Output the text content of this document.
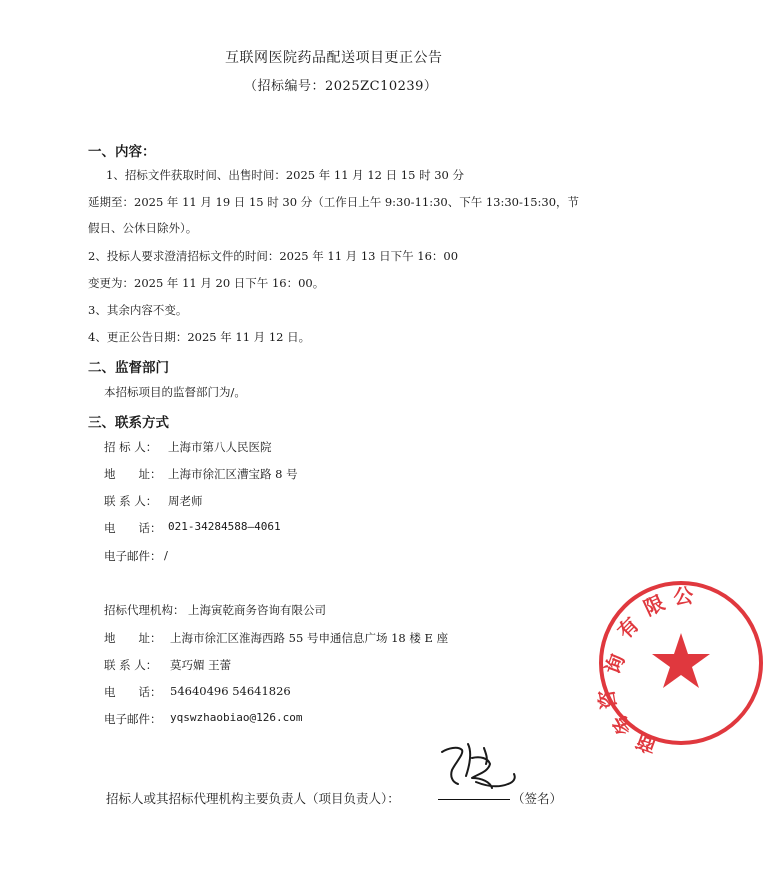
互联网医院药品配送项目更正公告
（招标编号：2025ZC10239）
一、内容：
1、招标文件获取时间、出售时间：2025 年 11 月 12 日 15 时 30 分
延期至：2025 年 11 月 19 日 15 时 30 分（工作日上午 9:30-11:30、下午 13:30-15:30，节
假日、公休日除外）。
2、投标人要求澄清招标文件的时间：2025 年 11 月 13 日下午 16：00
变更为：2025 年 11 月 20 日下午 16：00。
3、其余内容不变。
4、更正公告日期：2025 年 11 月 12 日。
二、监督部门
本招标项目的监督部门为/。
三、联系方式
招 标 人： 上海市第八人民医院
地　　址： 上海市徐汇区漕宝路 8 号
联 系 人： 周老师
电　　话： 021-34284588—4061
电子邮件： /
招标代理机构： 上海寅乾商务咨询有限公司
地　　址： 上海市徐汇区淮海西路 55 号申通信息广场 18 楼 E 座
联 系 人： 莫巧媚 王蕾
电　　话： 54640496 54641826
电子邮件： yqswzhaobiao@126.com
招标人或其招标代理机构主要负责人（项目负责人）：	（签名）
询
有
限 公
咨
务
商
